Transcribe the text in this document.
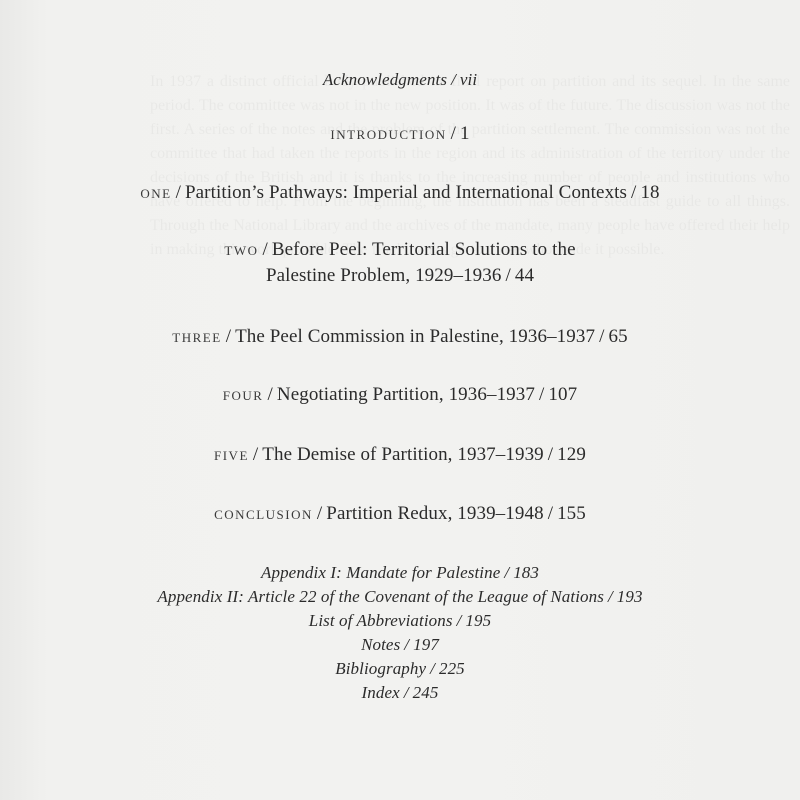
Acknowledgments / vii
introduction / 1
one / Partition’s Pathways: Imperial and International Contexts / 18
two / Before Peel: Territorial Solutions to the
Palestine Problem, 1929–1936 / 44
three / The Peel Commission in Palestine, 1936–1937 / 65
four / Negotiating Partition, 1936–1937 / 107
five / The Demise of Partition, 1937–1939 / 129
conclusion / Partition Redux, 1939–1948 / 155
Appendix I: Mandate for Palestine / 183
Appendix II: Article 22 of the Covenant of the League of Nations / 193
List of Abbreviations / 195
Notes / 197
Bibliography / 225
Index / 245
